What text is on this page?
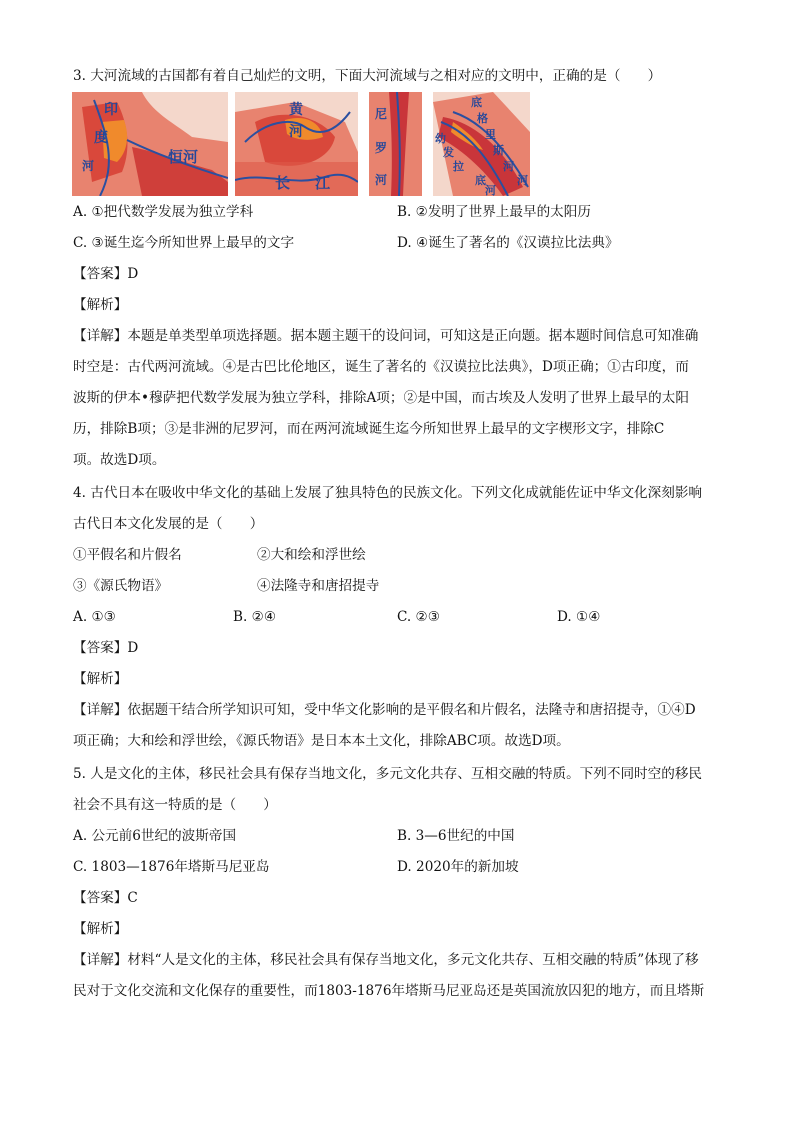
3. 大河流域的古国都有着自己灿烂的文明，下面大河流域与之相对应的文明中，正确的是（　　）
印
度
河	恒河
黄
河
长 江
尼
罗
河
幼
发
拉
底
格
里
斯
河
底
河
河
A. ①把代数学发展为独立学科	B. ②发明了世界上最早的太阳历
C. ③诞生迄今所知世界上最早的文字	D. ④诞生了著名的《汉谟拉比法典》
【答案】D
【解析】
【详解】本题是单类型单项选择题。据本题主题干的设问词，可知这是正向题。据本题时间信息可知准确
时空是：古代两河流域。④是古巴比伦地区，诞生了著名的《汉谟拉比法典》，D项正确；①古印度，而
波斯的伊本•穆萨把代数学发展为独立学科，排除A项；②是中国，而古埃及人发明了世界上最早的太阳
历，排除B项；③是非洲的尼罗河，而在两河流域诞生迄今所知世界上最早的文字楔形文字，排除C
项。故选D项。
4. 古代日本在吸收中华文化的基础上发展了独具特色的民族文化。下列文化成就能佐证中华文化深刻影响
古代日本文化发展的是（　　）
①平假名和片假名	②大和绘和浮世绘
③《源氏物语》	④法隆寺和唐招提寺
A. ①③	B. ②④	C. ②③	D. ①④
【答案】D
【解析】
【详解】依据题干结合所学知识可知，受中华文化影响的是平假名和片假名，法隆寺和唐招提寺，①④D
项正确；大和绘和浮世绘，《源氏物语》是日本本土文化，排除ABC项。故选D项。
5. 人是文化的主体，移民社会具有保存当地文化，多元文化共存、互相交融的特质。下列不同时空的移民
社会不具有这一特质的是（　　）
A. 公元前6世纪的波斯帝国	B. 3—6世纪的中国
C. 1803—1876年塔斯马尼亚岛	D. 2020年的新加坡
【答案】C
【解析】
【详解】材料“人是文化的主体，移民社会具有保存当地文化，多元文化共存、互相交融的特质”体现了移
民对于文化交流和文化保存的重要性，而1803-1876年塔斯马尼亚岛还是英国流放囚犯的地方，而且塔斯
